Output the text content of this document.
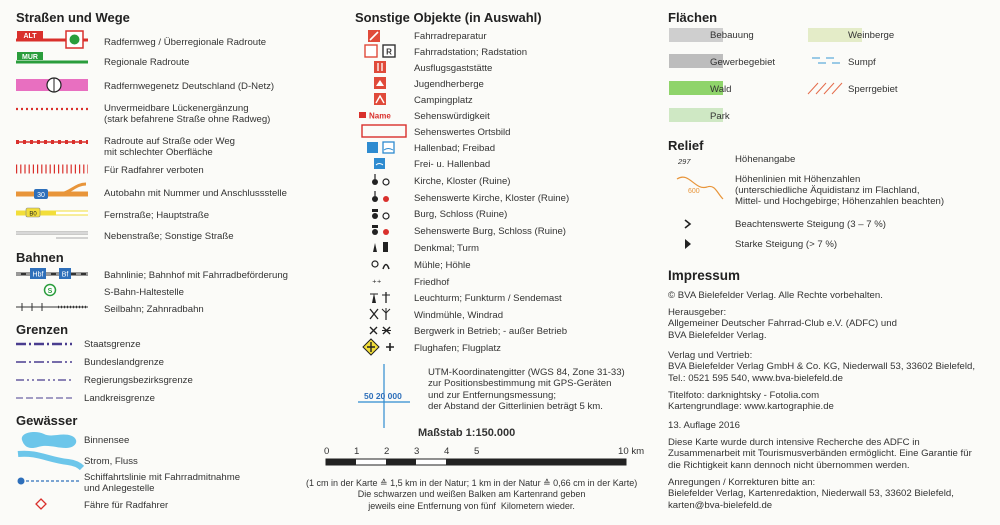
Straßen und Wege
ALT
Radfernweg / Überregionale Radroute
MUR	Regionale Radroute
Radfernwegenetz Deutschland (D-Netz)
Unvermeidbare Lückenergänzung
(stark befahrene Straße ohne Radweg)
Radroute auf Straße oder Weg
mit schlechter Oberfläche
Für Radfahrer verboten
30	Autobahn mit Nummer und Anschlussstelle
B0	Fernstraße; Hauptstraße
Nebenstraße; Sonstige Straße
Bahnen
Hbf	Bf	Bahnlinie; Bahnhof mit Fahrradbeförderung
S	S-Bahn-Haltestelle
Seilbahn; Zahnradbahn
Grenzen
Staatsgrenze
Bundeslandgrenze
Regierungsbezirksgrenze
Landkreisgrenze
Gewässer
Binnensee
Strom, Fluss
Schiffahrtslinie mit Fahrradmitnahme
und Anlegestelle
Fähre für Radfahrer
Sonstige Objekte (in Auswahl)
Fahrradreparatur
R Fahrradstation; Radstation
Ausflugsgaststätte
Jugendherberge
Campingplatz
Name Sehenswürdigkeit
Sehenswertes Ortsbild
Hallenbad; Freibad
Frei- u. Hallenbad
Kirche, Kloster (Ruine)
Sehenswerte Kirche, Kloster (Ruine)
Burg, Schloss (Ruine)
Sehenswerte Burg, Schloss (Ruine)
Denkmal; Turm
Mühle; Höhle
⁺⁺	Friedhof
Leuchturm; Funkturm / Sendemast
Windmühle, Windrad
Bergwerk in Betrieb; - außer Betrieb
Flughafen; Flugplatz
50 20 000
UTM-Koordinatengitter (WGS 84, Zone 31-33)
zur Positionsbestimmung mit GPS-Geräten
und zur Entfernungsmessung;
der Abstand der Gitterlinien beträgt 5 km.
Maßstab 1:150.000
0	1	2	3	4	5	10 km
(1 cm in der Karte ≙ 1,5 km in der Natur; 1 km in der Natur ≙ 0,66 cm in der Karte)
Die schwarzen und weißen Balken am Kartenrand geben
jeweils eine Entfernung von fünf  Kilometern wieder.
Flächen
Bebauung	Weinberge
Gewerbegebiet	Sumpf
Wald	Sperrgebiet
Park
Relief
297	Höhenangabe
600
Höhenlinien mit Höhenzahlen
(unterschiedliche Äquidistanz im Flachland,
Mittel- und Hochgebirge; Höhenzahlen beachten)
Beachtenswerte Steigung (3 – 7 %)
Starke Steigung (> 7 %)
Impressum
© BVA Bielefelder Verlag. Alle Rechte vorbehalten.
Herausgeber:
Allgemeiner Deutscher Fahrrad-Club e.V. (ADFC) und
BVA Bielefelder Verlag.
Verlag und Vertrieb:
BVA Bielefelder Verlag GmbH & Co. KG, Niederwall 53, 33602 Bielefeld,
Tel.: 0521 595 540, www.bva-bielefeld.de
Titelfoto: darknightsky - Fotolia.com
Kartengrundlage: www.kartographie.de
13. Auflage 2016
Diese Karte wurde durch intensive Recherche des ADFC in
Zusammenarbeit mit Tourismusverbänden ermöglicht. Eine Garantie für
die Richtigkeit kann dennoch nicht übernommen werden.
Anregungen / Korrekturen bitte an:
Bielefelder Verlag, Kartenredaktion, Niederwall 53, 33602 Bielefeld,
karten@bva-bielefeld.de
